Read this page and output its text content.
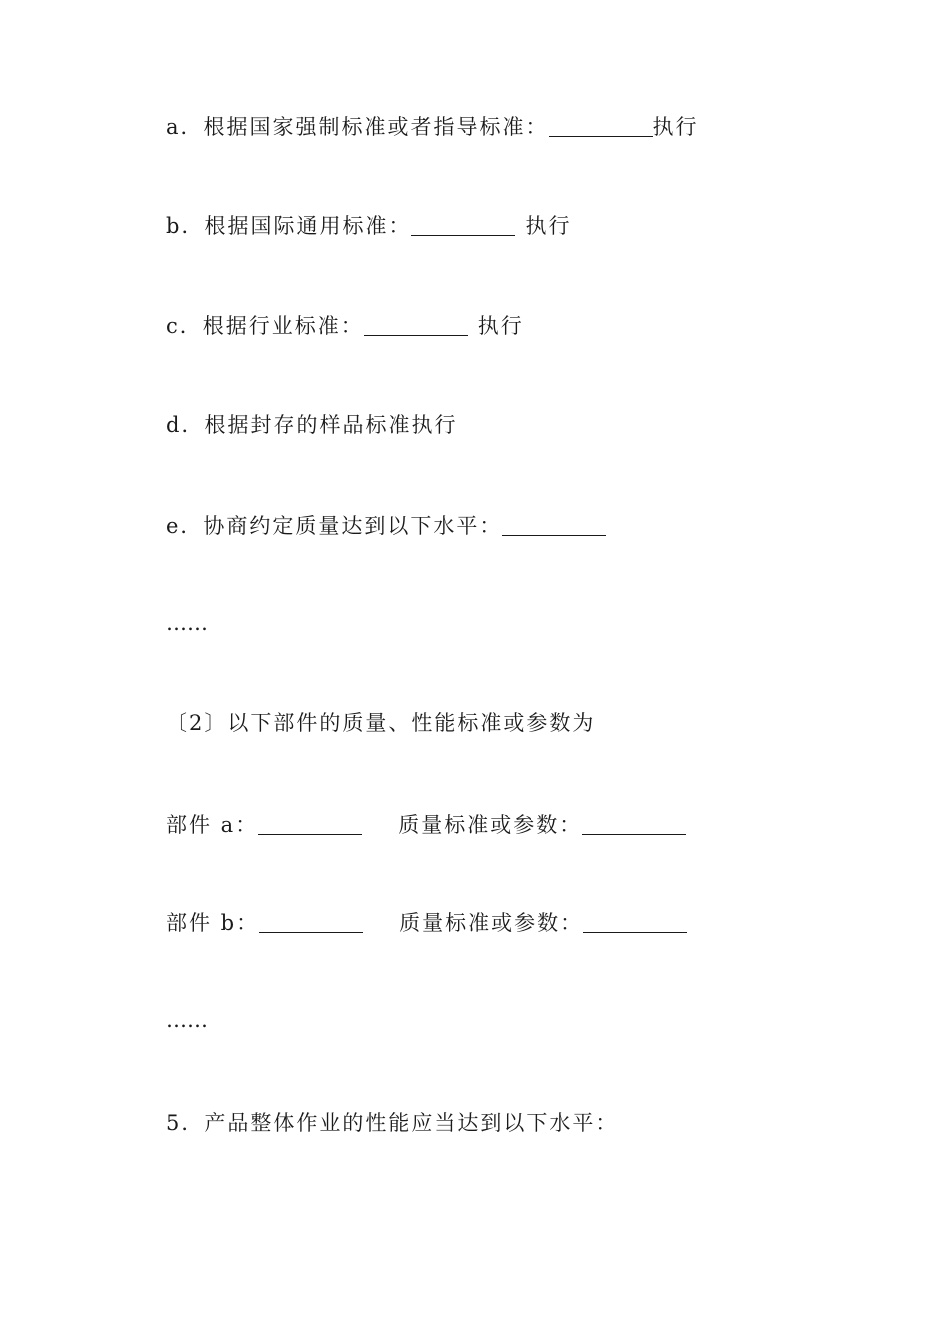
a．根据国家强制标准或者指导标准：	执行
b．根据国际通用标准：	执行
c．根据行业标准：	执行
d．根据封存的样品标准执行
e．协商约定质量达到以下水平：
……
〔2〕以下部件的质量、性能标准或参数为
部件 a：	质量标准或参数：
部件 b：	质量标准或参数：
……
5．产品整体作业的性能应当达到以下水平：
